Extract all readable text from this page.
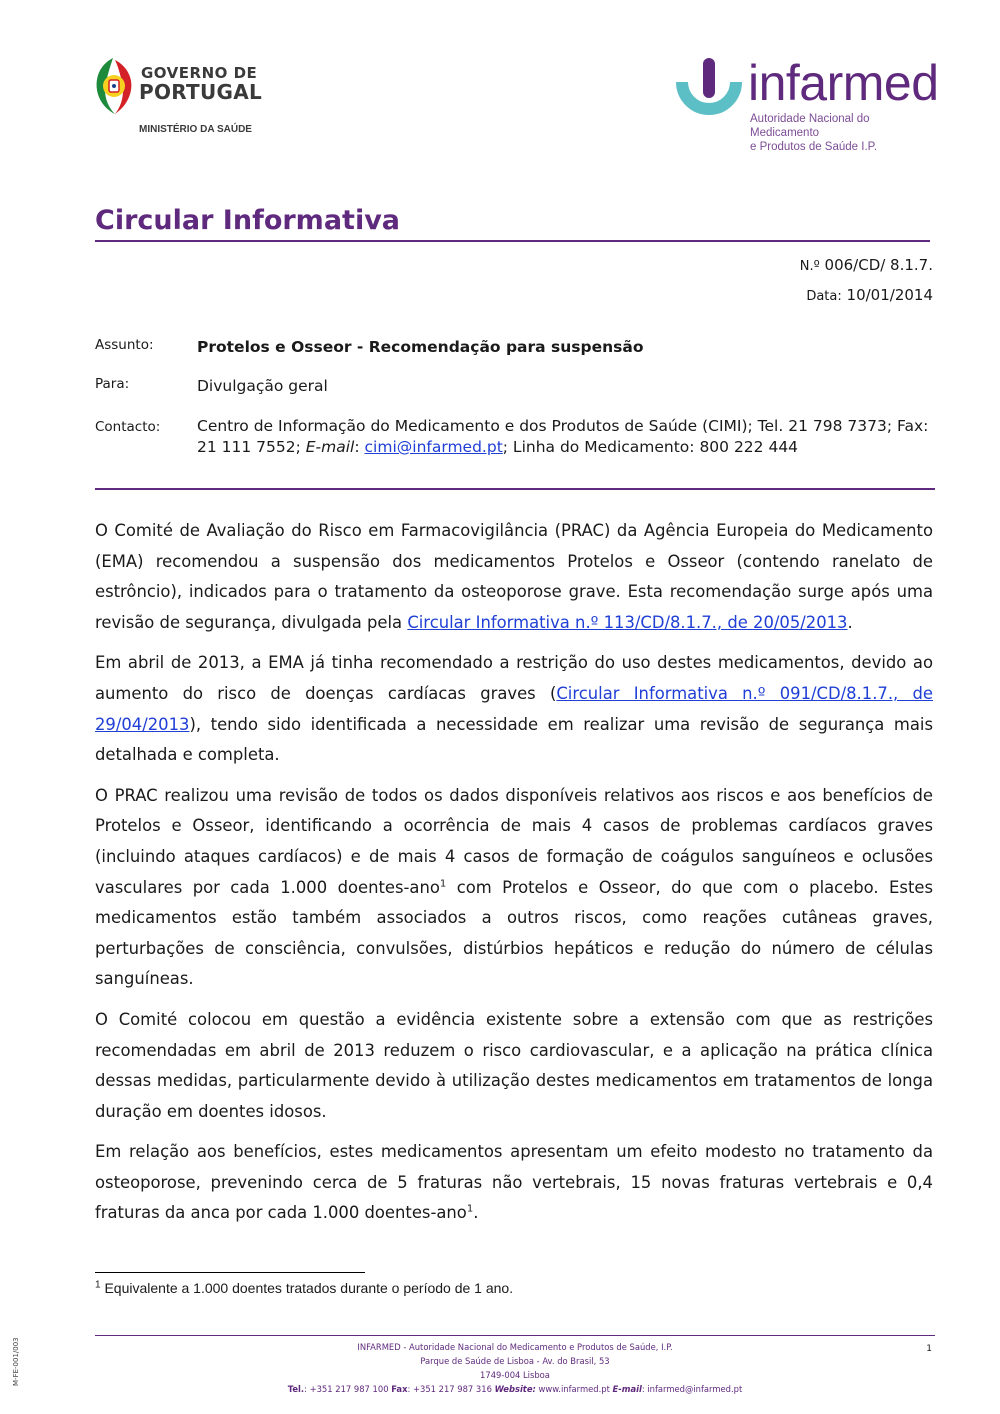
GOVERNO DE
PORTUGAL
MINISTÉRIO DA SAÚDE
infarmed
Autoridade Nacional do Medicamento
e Produtos de Saúde I.P.
Circular Informativa
N.º 006/CD/ 8.1.7.
Data: 10/01/2014
Assunto:	Protelos e Osseor - Recomendação para suspensão
Para:	Divulgação geral
Contacto: Centro de Informação do Medicamento e dos Produtos de Saúde (CIMI); Tel. 21 798 7373; Fax: 21 111 7552; E-mail: cimi@infarmed.pt; Linha do Medicamento: 800 222 444

O Comité de Avaliação do Risco em Farmacovigilância (PRAC) da Agência Europeia do Medicamento (EMA) recomendou a suspensão dos medicamentos Protelos e Osseor (contendo ranelato de estrôncio), indicados para o tratamento da osteoporose grave. Esta recomendação surge após uma revisão de segurança, divulgada pela Circular Informativa n.º 113/CD/8.1.7., de 20/05/2013.

Em abril de 2013, a EMA já tinha recomendado a restrição do uso destes medicamentos, devido ao aumento do risco de doenças cardíacas graves (Circular Informativa n.º 091/CD/8.1.7., de 29/04/2013), tendo sido identificada a necessidade em realizar uma revisão de segurança mais detalhada e completa.

O PRAC realizou uma revisão de todos os dados disponíveis relativos aos riscos e aos benefícios de Protelos e Osseor, identificando a ocorrência de mais 4 casos de problemas cardíacos graves (incluindo ataques cardíacos) e de mais 4 casos de formação de coágulos sanguíneos e oclusões vasculares por cada 1.000 doentes-ano$^1$ com Protelos e Osseor, do que com o placebo. Estes medicamentos estão também associados a outros riscos, como reações cutâneas graves, perturbações de consciência, convulsões, distúrbios hepáticos e redução do número de células sanguíneas.

O Comité colocou em questão a evidência existente sobre a extensão com que as restrições recomendadas em abril de 2013 reduzem o risco cardiovascular, e a aplicação na prática clínica dessas medidas, particularmente devido à utilização destes medicamentos em tratamentos de longa duração em doentes idosos.

Em relação aos benefícios, estes medicamentos apresentam um efeito modesto no tratamento da osteoporose, prevenindo cerca de 5 fraturas não vertebrais, 15 novas fraturas vertebrais e 0,4 fraturas da anca por cada 1.000 doentes-ano$^1$.

$^1$ Equivalente a 1.000 doentes tratados durante o período de 1 ano.
INFARMED - Autoridade Nacional do Medicamento e Produtos de Saúde, I.P.
Parque de Saúde de Lisboa - Av. do Brasil, 53
1749-004 Lisboa
Tel.: +351 217 987 100 Fax: +351 217 987 316 Website: www.infarmed.pt E-mail: infarmed@infarmed.pt
1
M-FE-001/003
